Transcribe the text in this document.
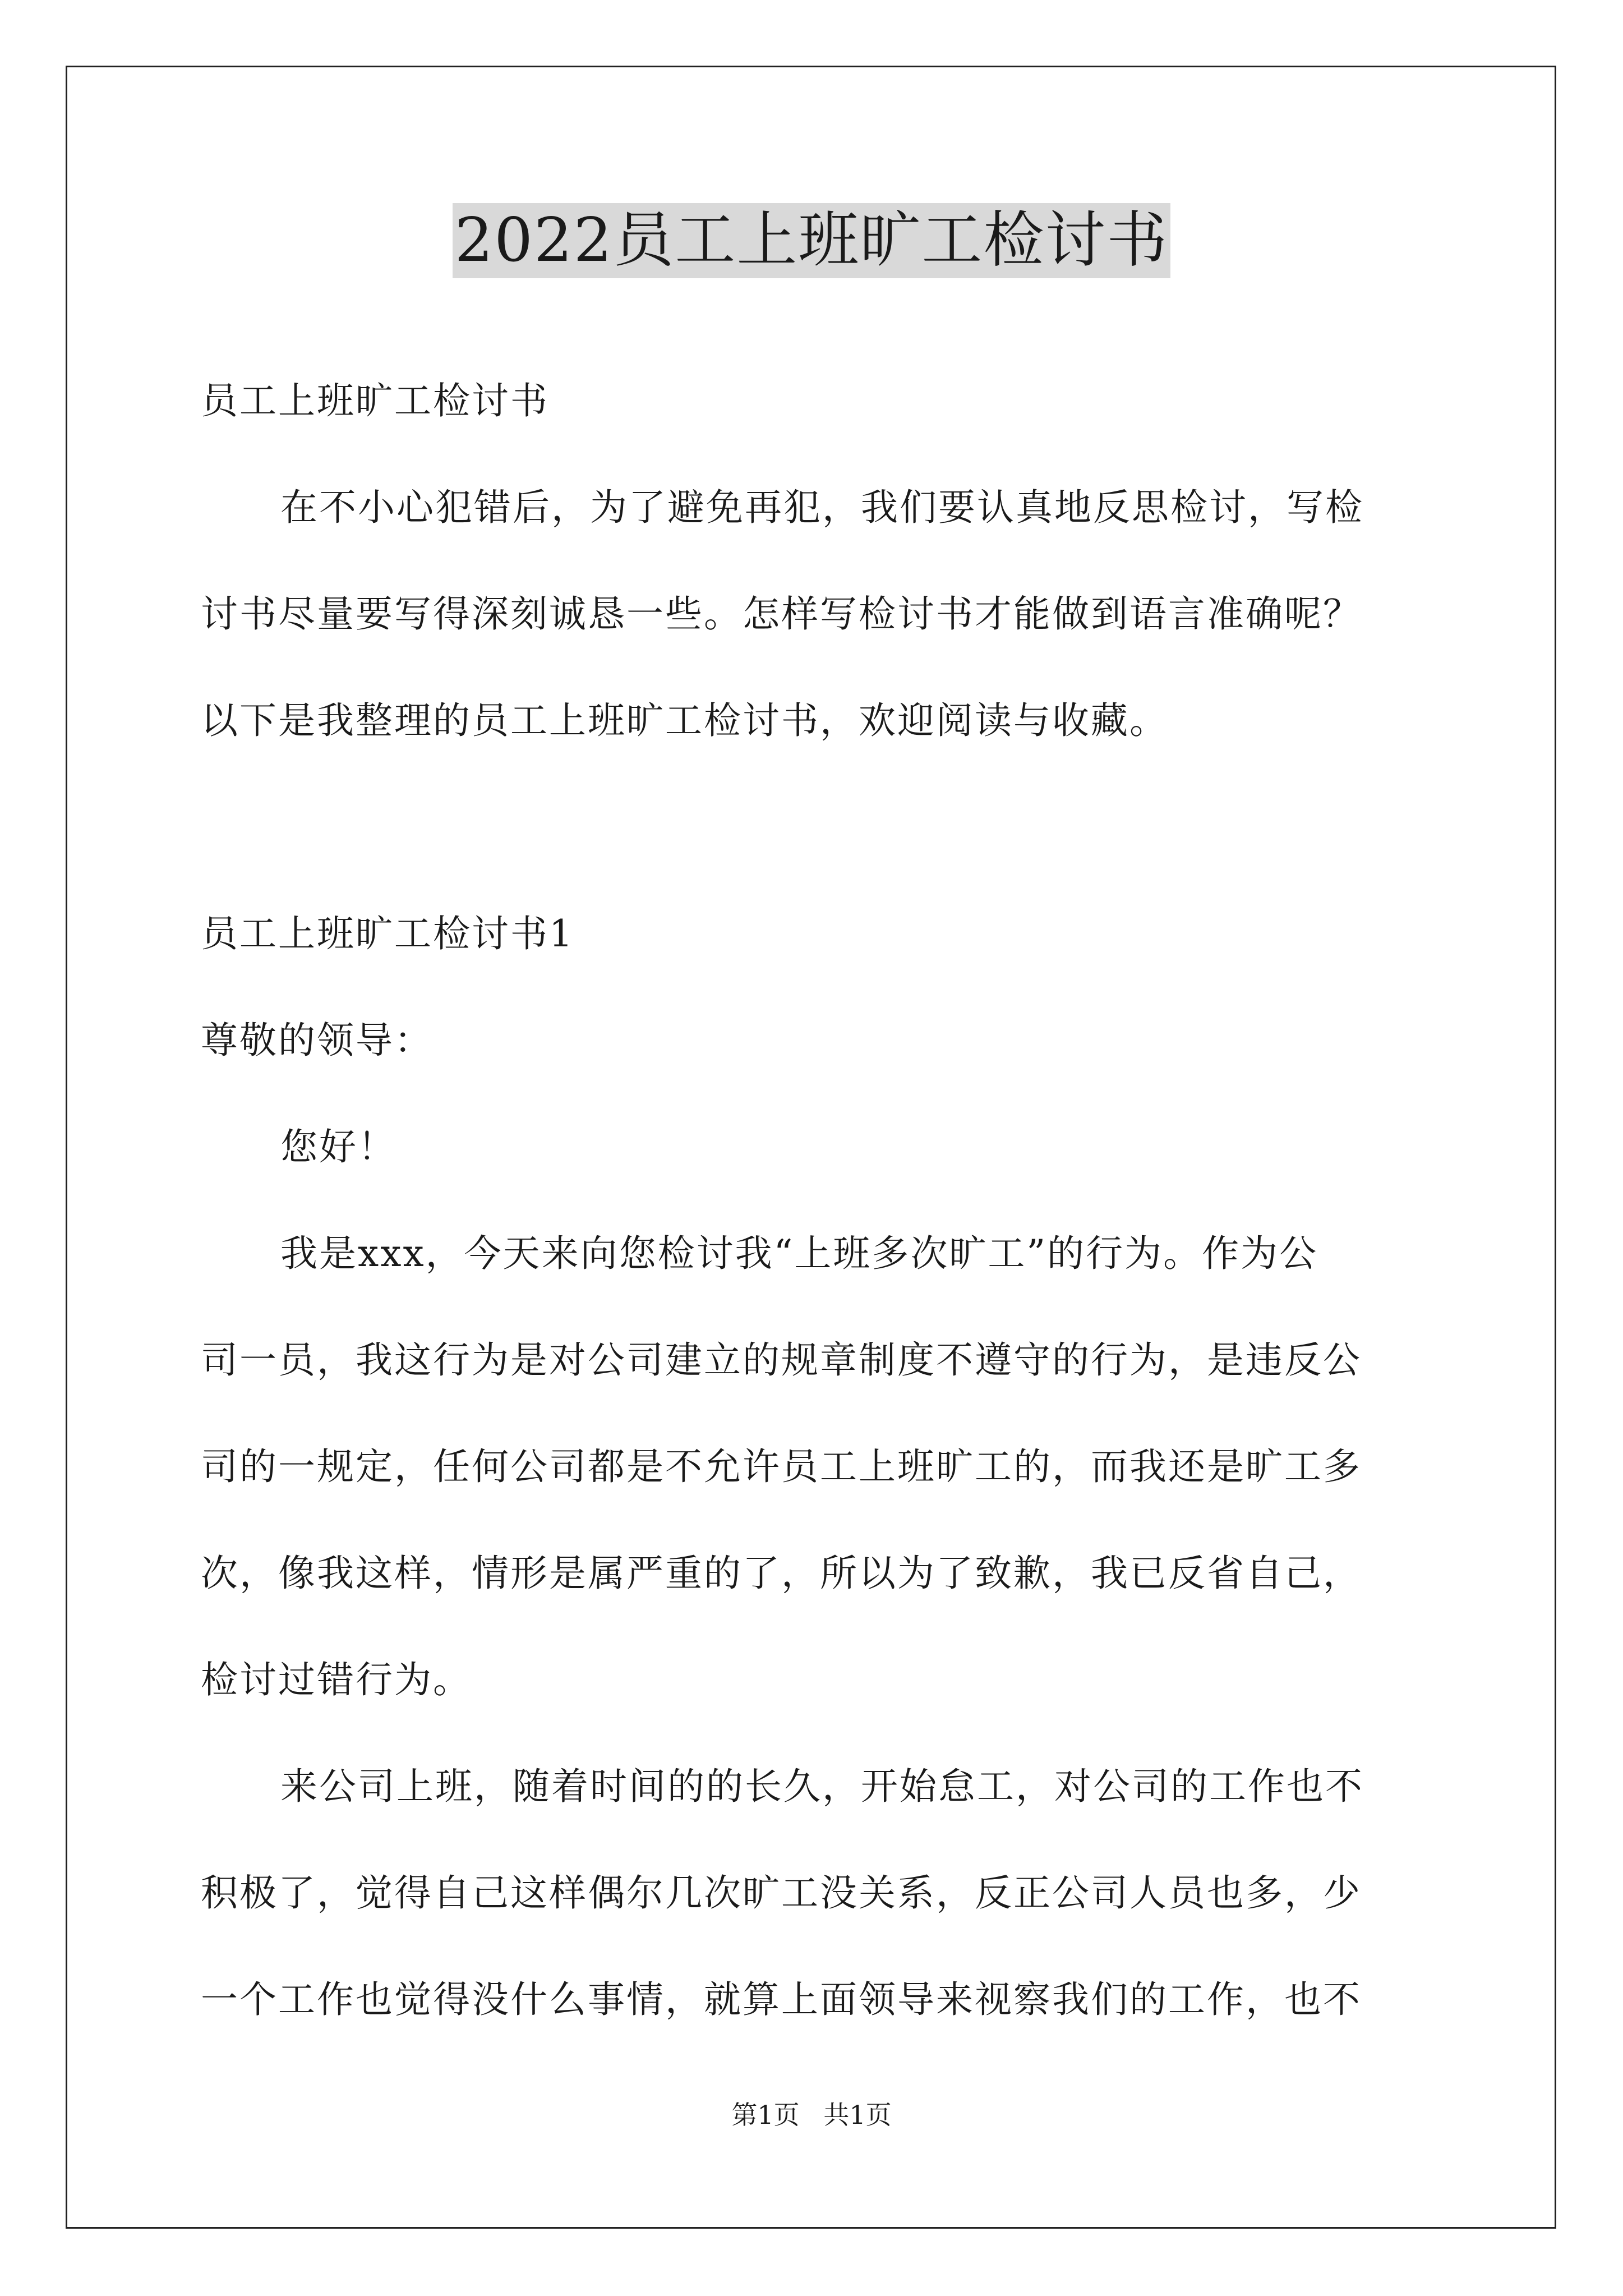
2022员工上班旷工检讨书
员工上班旷工检讨书
在不小心犯错后，为了避免再犯，我们要认真地反思检讨，写检
讨书尽量要写得深刻诚恳一些。怎样写检讨书才能做到语言准确呢？
以下是我整理的员工上班旷工检讨书，欢迎阅读与收藏。
员工上班旷工检讨书1
尊敬的领导：
您好！
我是xxx，今天来向您检讨我“上班多次旷工”的行为。作为公
司一员，我这行为是对公司建立的规章制度不遵守的行为，是违反公
司的一规定，任何公司都是不允许员工上班旷工的，而我还是旷工多
次，像我这样，情形是属严重的了，所以为了致歉，我已反省自己，
检讨过错行为。
来公司上班，随着时间的的长久，开始怠工，对公司的工作也不
积极了，觉得自己这样偶尔几次旷工没关系，反正公司人员也多，少
一个工作也觉得没什么事情，就算上面领导来视察我们的工作，也不
第1页 共1页
